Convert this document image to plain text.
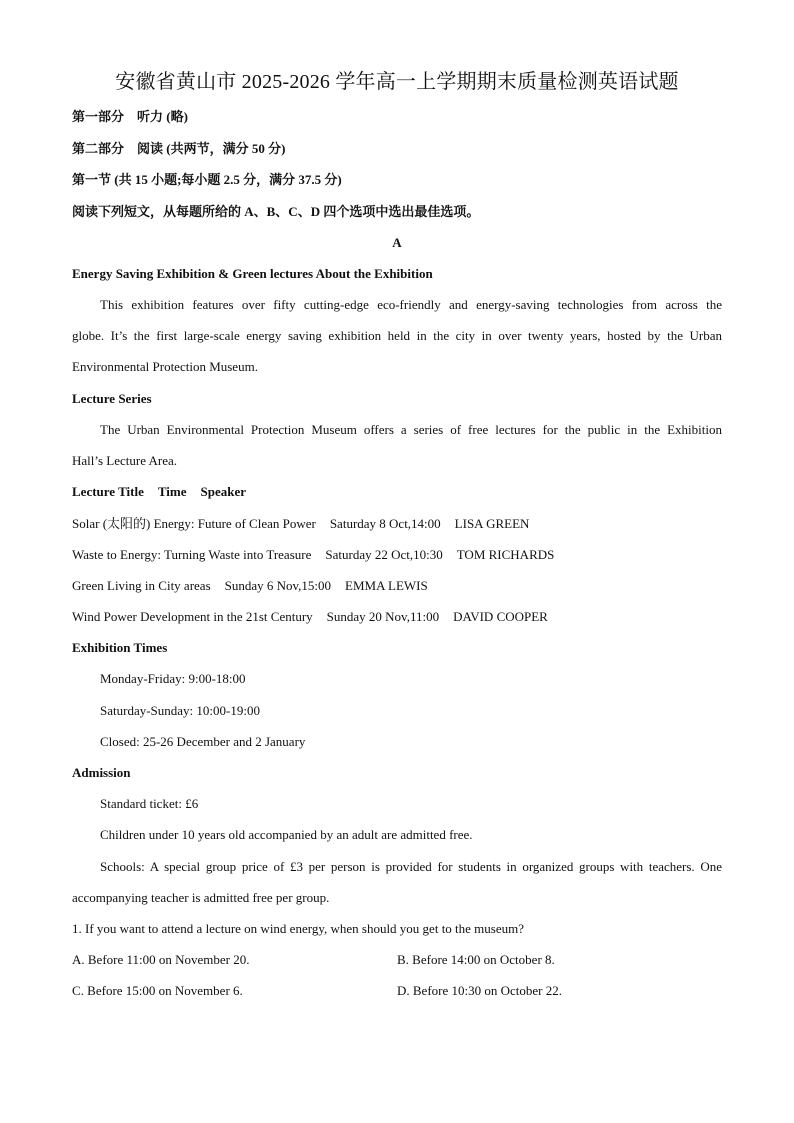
安徽省黄山市 2025-2026 学年高一上学期期末质量检测英语试题
第一部分　听力 (略)
第二部分　阅读 (共两节，满分 50 分)
第一节 (共 15 小题;每小题 2.5 分，满分 37.5 分)
阅读下列短文，从每题所给的 A、B、C、D 四个选项中选出最佳选项。
A
Energy Saving Exhibition & Green lectures About the Exhibition
This exhibition features over fifty cutting-edge eco-friendly and energy-saving technologies from across the
globe. It’s the first large-scale energy saving exhibition held in the city in over twenty years, hosted by the Urban
Environmental Protection Museum.
Lecture Series
The Urban Environmental Protection Museum offers a series of free lectures for the public in the Exhibition
Hall’s Lecture Area.
Lecture Title Time Speaker
Solar (太阳的) Energy: Future of Clean Power Saturday 8 Oct,14:00 LISA GREEN
Waste to Energy: Turning Waste into Treasure Saturday 22 Oct,10:30 TOM RICHARDS
Green Living in City areas Sunday 6 Nov,15:00 EMMA LEWIS
Wind Power Development in the 21st Century Sunday 20 Nov,11:00 DAVID COOPER
Exhibition Times
Monday-Friday: 9:00-18:00
Saturday-Sunday: 10:00-19:00
Closed: 25-26 December and 2 January
Admission
Standard ticket: £6
Children under 10 years old accompanied by an adult are admitted free.
Schools: A special group price of £3 per person is provided for students in organized groups with teachers. One
accompanying teacher is admitted free per group.
1. If you want to attend a lecture on wind energy, when should you get to the museum?
A. Before 11:00 on November 20.	B. Before 14:00 on October 8.
C. Before 15:00 on November 6.	D. Before 10:30 on October 22.
